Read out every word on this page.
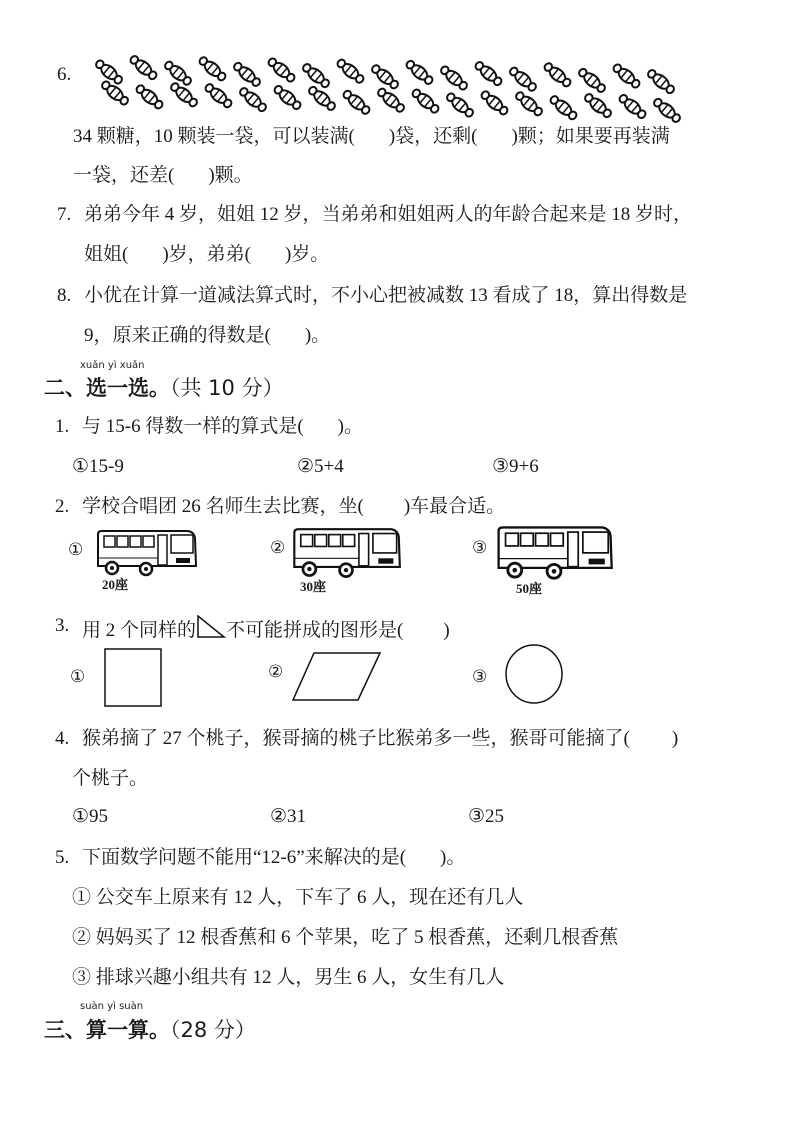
6.
34 颗糖，10 颗装一袋，可以装满( )袋，还剩( )颗；如果要再装满
一袋，还差( )颗。
7. 弟弟今年 4 岁，姐姐 12 岁，当弟弟和姐姐两人的年龄合起来是 18 岁时，
姐姐( )岁，弟弟( )岁。
8. 小优在计算一道减法算式时，不小心把被减数 13 看成了 18，算出得数是
9，原来正确的得数是( )。
xuǎn yì xuǎn
二、选一选。（共 10 分）
1. 与 15-6 得数一样的算式是( )。
①15-9	②5+4	③9+6
2. 学校合唱团 26 名师生去比赛，坐( )车最合适。
①
20座
②
30座
③
50座
3. 用 2 个同样的 不可能拼成的图形是( )
①	②	③
4. 猴弟摘了 27 个桃子，猴哥摘的桃子比猴弟多一些，猴哥可能摘了( )
个桃子。
①95	②31	③25
5. 下面数学问题不能用“12-6”来解决的是( )。
① 公交车上原来有 12 人，下车了 6 人，现在还有几人
② 妈妈买了 12 根香蕉和 6 个苹果，吃了 5 根香蕉，还剩几根香蕉
③ 排球兴趣小组共有 12 人，男生 6 人，女生有几人
suàn yì suàn
三、算一算。（28 分）
